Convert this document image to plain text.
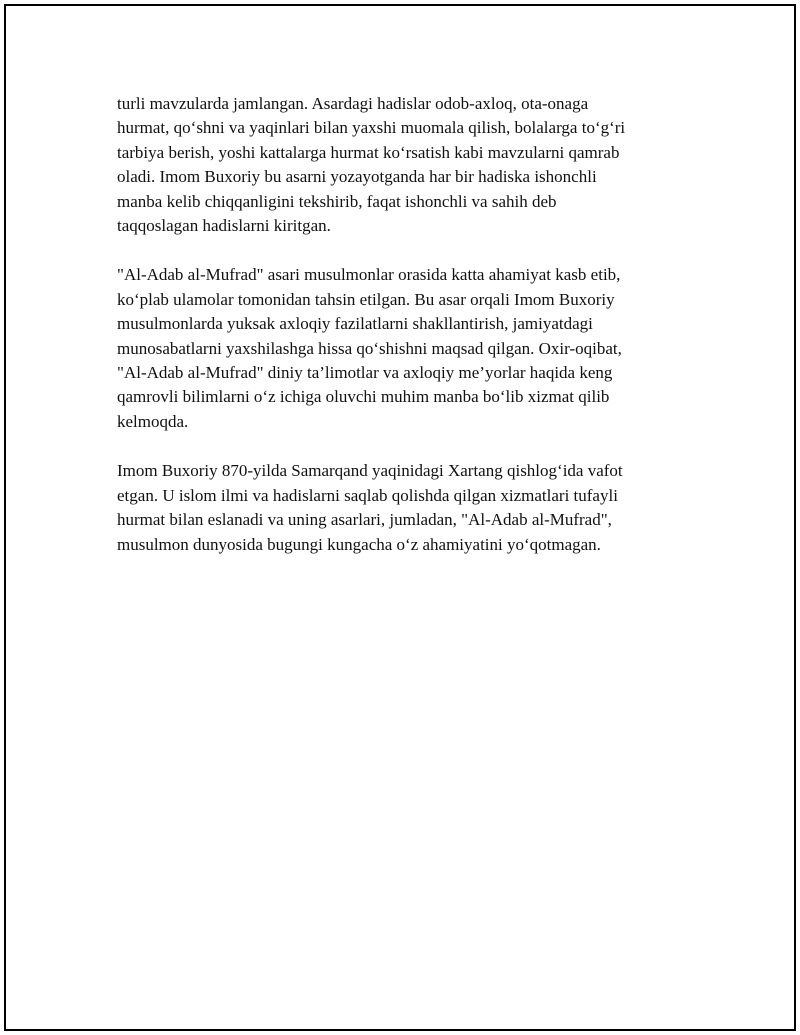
turli mavzularda jamlangan. Asardagi hadislar odob-axloq, ota-onaga
hurmat, qo‘shni va yaqinlari bilan yaxshi muomala qilish, bolalarga to‘g‘ri
tarbiya berish, yoshi kattalarga hurmat ko‘rsatish kabi mavzularni qamrab
oladi. Imom Buxoriy bu asarni yozayotganda har bir hadiska ishonchli
manba kelib chiqqanligini tekshirib, faqat ishonchli va sahih deb
taqqoslagan hadislarni kiritgan.

"Al-Adab al-Mufrad" asari musulmonlar orasida katta ahamiyat kasb etib,
ko‘plab ulamolar tomonidan tahsin etilgan. Bu asar orqali Imom Buxoriy
musulmonlarda yuksak axloqiy fazilatlarni shakllantirish, jamiyatdagi
munosabatlarni yaxshilashga hissa qo‘shishni maqsad qilgan. Oxir-oqibat,
"Al-Adab al-Mufrad" diniy ta’limotlar va axloqiy me’yorlar haqida keng
qamrovli bilimlarni o‘z ichiga oluvchi muhim manba bo‘lib xizmat qilib
kelmoqda.

Imom Buxoriy 870-yilda Samarqand yaqinidagi Xartang qishlog‘ida vafot
etgan. U islom ilmi va hadislarni saqlab qolishda qilgan xizmatlari tufayli
hurmat bilan eslanadi va uning asarlari, jumladan, "Al-Adab al-Mufrad",
musulmon dunyosida bugungi kungacha o‘z ahamiyatini yo‘qotmagan.
